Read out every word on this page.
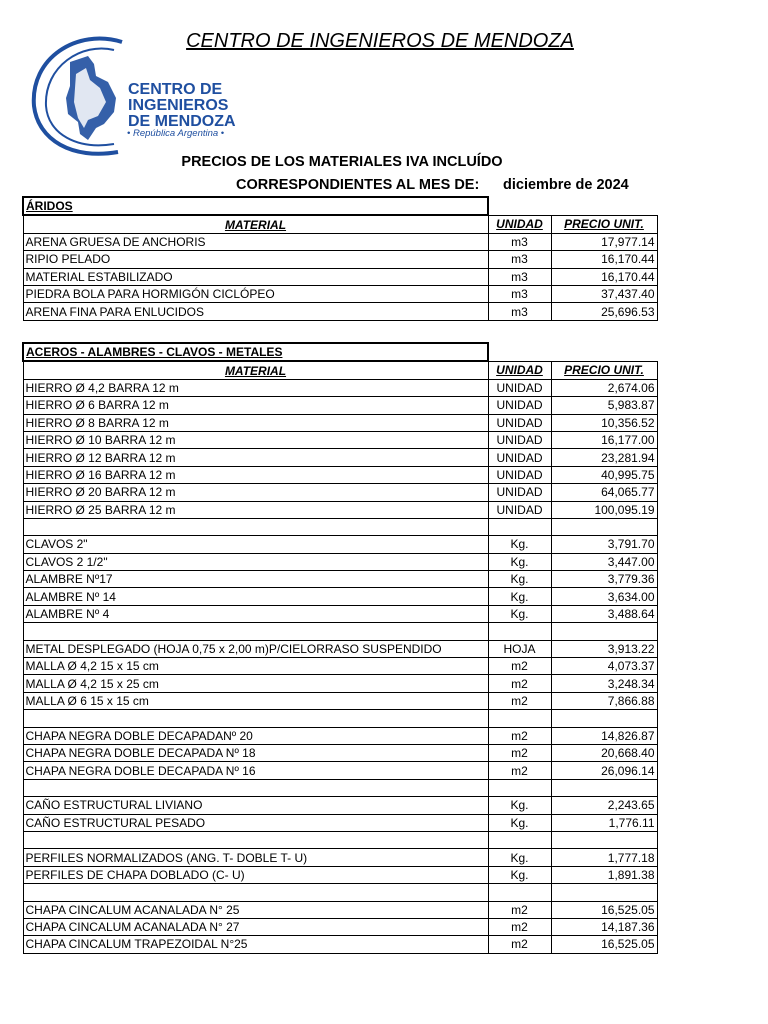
CENTRO DE INGENIEROS DE MENDOZA
CENTRO DE
INGENIEROS
DE MENDOZA
• República Argentina •
PRECIOS DE LOS MATERIALES IVA INCLUÍDO
CORRESPONDIENTES AL MES DE: diciembre de 2024
ÁRIDOS		
MATERIAL	UNIDAD	PRECIO UNIT.
ARENA GRUESA DE ANCHORIS	m3	17,977.14
RIPIO PELADO	m3	16,170.44
MATERIAL ESTABILIZADO	m3	16,170.44
PIEDRA BOLA PARA HORMIGÓN CICLÓPEO	m3	37,437.40
ARENA FINA PARA ENLUCIDOS	m3	25,696.53
ACEROS - ALAMBRES - CLAVOS - METALES		
MATERIAL	UNIDAD	PRECIO UNIT.
HIERRO Ø 4,2 BARRA 12 m	UNIDAD	2,674.06
HIERRO Ø 6 BARRA 12 m	UNIDAD	5,983.87
HIERRO Ø 8 BARRA 12 m	UNIDAD	10,356.52
HIERRO Ø 10 BARRA 12 m	UNIDAD	16,177.00
HIERRO Ø 12 BARRA 12 m	UNIDAD	23,281.94
HIERRO Ø 16 BARRA 12 m	UNIDAD	40,995.75
HIERRO Ø 20 BARRA 12 m	UNIDAD	64,065.77
HIERRO Ø 25 BARRA 12 m	UNIDAD	100,095.19

CLAVOS 2"	Kg.	3,791.70
CLAVOS 2 1/2"	Kg.	3,447.00
ALAMBRE Nº17	Kg.	3,779.36
ALAMBRE Nº 14	Kg.	3,634.00
ALAMBRE Nº 4	Kg.	3,488.64

METAL DESPLEGADO (HOJA 0,75 x 2,00 m)P/CIELORRASO SUSPENDIDO	HOJA	3,913.22
MALLA Ø 4,2 15 x 15 cm	m2	4,073.37
MALLA Ø 4,2 15 x 25 cm	m2	3,248.34
MALLA Ø 6 15 x 15 cm	m2	7,866.88

CHAPA NEGRA DOBLE DECAPADANº 20	m2	14,826.87
CHAPA NEGRA DOBLE DECAPADA Nº 18	m2	20,668.40
CHAPA NEGRA DOBLE DECAPADA Nº 16	m2	26,096.14

CAÑO ESTRUCTURAL LIVIANO	Kg.	2,243.65
CAÑO ESTRUCTURAL PESADO	Kg.	1,776.11

PERFILES NORMALIZADOS (ANG. T- DOBLE T- U)	Kg.	1,777.18
PERFILES DE CHAPA DOBLADO (C- U)	Kg.	1,891.38

CHAPA CINCALUM ACANALADA N° 25	m2	16,525.05
CHAPA CINCALUM ACANALADA N° 27	m2	14,187.36
CHAPA CINCALUM TRAPEZOIDAL N°25	m2	16,525.05
